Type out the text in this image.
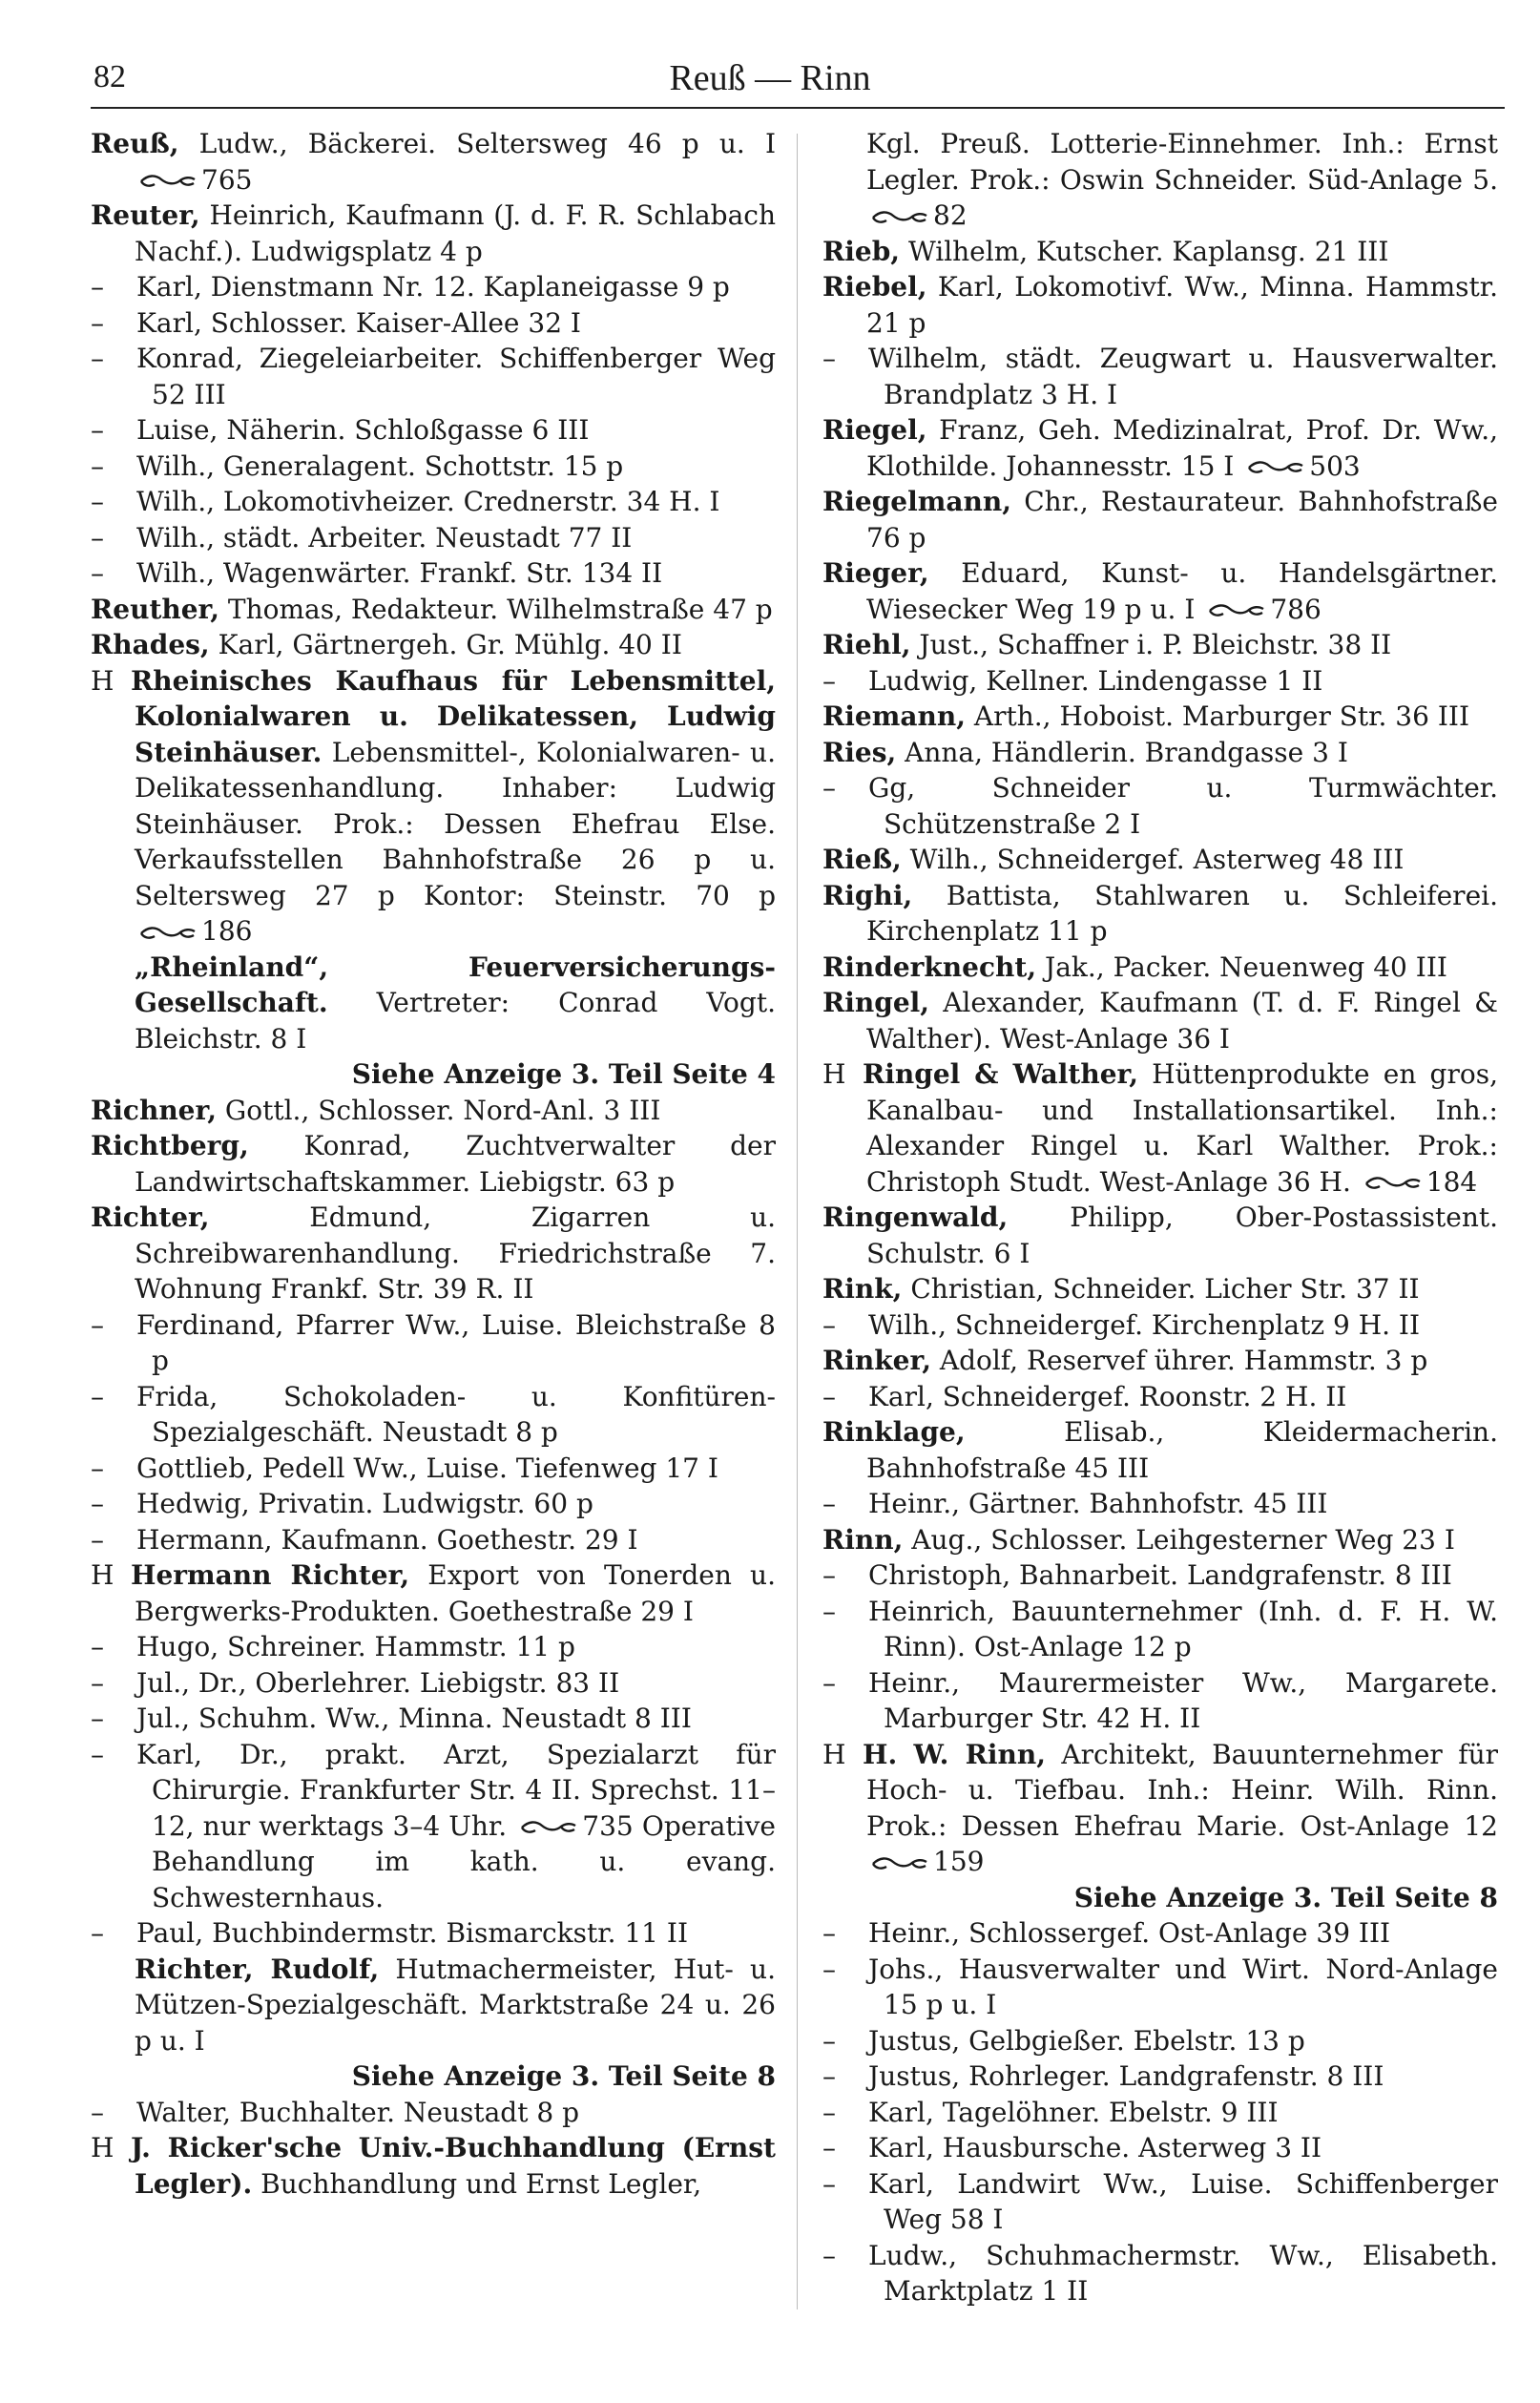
82	Reuß — Rinn
Reuß, Ludw., Bäckerei. Seltersweg 46 p u. I 765
Reuter, Heinrich, Kaufmann (J. d. F. R. Schlabach Nachf.). Ludwigsplatz 4 p
– Karl, Dienstmann Nr. 12. Kaplaneigasse 9 p
– Karl, Schlosser. Kaiser-Allee 32 I
– Konrad, Ziegeleiarbeiter. Schiffenberger Weg 52 III
– Luise, Näherin. Schloßgasse 6 III
– Wilh., Generalagent. Schottstr. 15 p
– Wilh., Lokomotivheizer. Crednerstr. 34 H. I
– Wilh., städt. Arbeiter. Neustadt 77 II
– Wilh., Wagenwärter. Frankf. Str. 134 II
Reuther, Thomas, Redakteur. Wilhelmstraße 47 p
Rhades, Karl, Gärtnergeh. Gr. Mühlg. 40 II
H Rheinisches Kaufhaus für Lebensmittel, Kolonialwaren u. Delikatessen, Ludwig Steinhäuser. Lebensmittel-, Kolonialwaren- u. Delikatessenhandlung. Inhaber: Ludwig Steinhäuser. Prok.: Dessen Ehefrau Else. Verkaufsstellen Bahnhofstraße 26 p u. Seltersweg 27 p Kontor: Steinstr. 70 p 186
„Rheinland“, Feuerversicherungs-Gesellschaft. Vertreter: Conrad Vogt. Bleichstr. 8 I
Siehe Anzeige 3. Teil Seite 4
Richner, Gottl., Schlosser. Nord-Anl. 3 III
Richtberg, Konrad, Zuchtverwalter der Landwirtschaftskammer. Liebigstr. 63 p
Richter, Edmund, Zigarren u. Schreibwarenhandlung. Friedrichstraße 7. Wohnung Frankf. Str. 39 R. II
– Ferdinand, Pfarrer Ww., Luise. Bleichstraße 8 p
– Frida, Schokoladen- u. Konfitüren-Spezialgeschäft. Neustadt 8 p
– Gottlieb, Pedell Ww., Luise. Tiefenweg 17 I
– Hedwig, Privatin. Ludwigstr. 60 p
– Hermann, Kaufmann. Goethestr. 29 I
H Hermann Richter, Export von Tonerden u. Bergwerks-Produkten. Goethestraße 29 I
– Hugo, Schreiner. Hammstr. 11 p
– Jul., Dr., Oberlehrer. Liebigstr. 83 II
– Jul., Schuhm. Ww., Minna. Neustadt 8 III
– Karl, Dr., prakt. Arzt, Spezialarzt für Chirurgie. Frankfurter Str. 4 II. Sprechst. 11–12, nur werktags 3–4 Uhr.	735 Operative Behandlung im kath. u. evang. Schwesternhaus.
– Paul, Buchbindermstr. Bismarckstr. 11 II
Richter, Rudolf, Hutmachermeister, Hut- u. Mützen-Spezialgeschäft. Marktstraße 24 u. 26 p u. I
Siehe Anzeige 3. Teil Seite 8
– Walter, Buchhalter. Neustadt 8 p
H J. Ricker'sche Univ.-Buchhandlung (Ernst Legler). Buchhandlung und Ernst Legler,
Kgl. Preuß. Lotterie-Einnehmer. Inh.: Ernst Legler. Prok.: Oswin Schneider. Süd-Anlage 5. 82
Rieb, Wilhelm, Kutscher. Kaplansg. 21 III
Riebel, Karl, Lokomotivf. Ww., Minna. Hammstr. 21 p
– Wilhelm, städt. Zeugwart u. Hausverwalter. Brandplatz 3 H. I
Riegel, Franz, Geh. Medizinalrat, Prof. Dr. Ww., Klothilde. Johannesstr. 15 I	503
Riegelmann, Chr., Restaurateur. Bahnhofstraße 76 p
Rieger, Eduard, Kunst- u. Handelsgärtner. Wiesecker Weg 19 p u. I	786
Riehl, Just., Schaffner i. P. Bleichstr. 38 II
– Ludwig, Kellner. Lindengasse 1 II
Riemann, Arth., Hoboist. Marburger Str. 36 III
Ries, Anna, Händlerin. Brandgasse 3 I
– Gg, Schneider u. Turmwächter. Schützenstraße 2 I
Rieß, Wilh., Schneidergef. Asterweg 48 III
Righi, Battista, Stahlwaren u. Schleiferei. Kirchenplatz 11 p
Rinderknecht, Jak., Packer. Neuenweg 40 III
Ringel, Alexander, Kaufmann (T. d. F. Ringel & Walther). West-Anlage 36 I
H Ringel & Walther, Hüttenprodukte en gros, Kanalbau- und Installationsartikel. Inh.: Alexander Ringel u. Karl Walther. Prok.: Christoph Studt. West-Anlage 36 H.	184
Ringenwald, Philipp, Ober-Postassistent. Schulstr. 6 I
Rink, Christian, Schneider. Licher Str. 37 II
– Wilh., Schneidergef. Kirchenplatz 9 H. II
Rinker, Adolf, Reservef ührer. Hammstr. 3 p
– Karl, Schneidergef. Roonstr. 2 H. II
Rinklage, Elisab., Kleidermacherin. Bahnhofstraße 45 III
– Heinr., Gärtner. Bahnhofstr. 45 III
Rinn, Aug., Schlosser. Leihgesterner Weg 23 I
– Christoph, Bahnarbeit. Landgrafenstr. 8 III
– Heinrich, Bauunternehmer (Inh. d. F. H. W. Rinn). Ost-Anlage 12 p
– Heinr., Maurermeister Ww., Margarete. Marburger Str. 42 H. II
H H. W. Rinn, Architekt, Bauunternehmer für Hoch- u. Tiefbau. Inh.: Heinr. Wilh. Rinn. Prok.: Dessen Ehefrau Marie. Ost-Anlage 12 159
Siehe Anzeige 3. Teil Seite 8
– Heinr., Schlossergef. Ost-Anlage 39 III
– Johs., Hausverwalter und Wirt. Nord-Anlage 15 p u. I
– Justus, Gelbgießer. Ebelstr. 13 p
– Justus, Rohrleger. Landgrafenstr. 8 III
– Karl, Tagelöhner. Ebelstr. 9 III
– Karl, Hausbursche. Asterweg 3 II
– Karl, Landwirt Ww., Luise. Schiffenberger Weg 58 I
– Ludw., Schuhmachermstr. Ww., Elisabeth. Marktplatz 1 II
